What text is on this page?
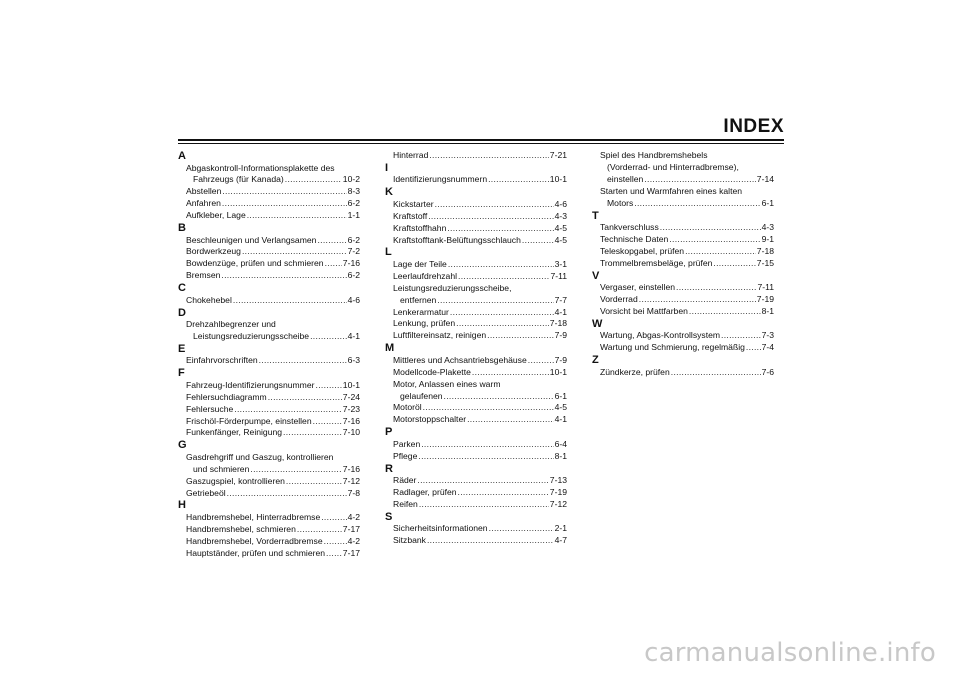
INDEX
A
Abgaskontroll-Informationsplakette des
Fahrzeugs (für Kanada) .....	10-2
Abstellen .....	8-3
Anfahren .....	6-2
Aufkleber, Lage .....	1-1
B
Beschleunigen und Verlangsamen .....	6-2
Bordwerkzeug .....	7-2
Bowdenzüge, prüfen und schmieren ..... 7-16
Bremsen .....	6-2
C
Chokehebel .....	4-6
D
Drehzahlbegrenzer und
Leistungsreduzierungsscheibe .....	4-1
E
Einfahrvorschriften .....	6-3
F
Fahrzeug-Identifizierungsnummer .....	10-1
Fehlersuchdiagramm .....	7-24
Fehlersuche .....	7-23
Frischöl-Förderpumpe, einstellen .....	7-16
Funkenfänger, Reinigung .....	7-10
G
Gasdrehgriff und Gaszug, kontrollieren
und schmieren .....	7-16
Gaszugspiel, kontrollieren .....	7-12
Getriebeöl .....	7-8
H
Handbremshebel, Hinterradbremse .....	4-2
Handbremshebel, schmieren .....	7-17
Handbremshebel, Vorderradbremse .....	4-2
Hauptständer, prüfen und schmieren ..... 7-17
Hinterrad .....	7-21
I
Identifizierungsnummern .....	10-1
K
Kickstarter .....	4-6
Kraftstoff .....	4-3
Kraftstoffhahn .....	4-5
Kraftstofftank-Belüftungsschlauch .....	4-5
L
Lage der Teile .....	3-1
Leerlaufdrehzahl .....	7-11
Leistungsreduzierungsscheibe,
entfernen .....	7-7
Lenkerarmatur .....	4-1
Lenkung, prüfen .....	7-18
Luftfiltereinsatz, reinigen .....	7-9
M
Mittleres und Achsantriebsgehäuse .....	7-9
Modellcode-Plakette .....	10-1
Motor, Anlassen eines warm
gelaufenen .....	6-1
Motoröl .....	4-5
Motorstoppschalter .....	4-1
P
Parken .....	6-4
Pflege .....	8-1
R
Räder .....	7-13
Radlager, prüfen .....	7-19
Reifen .....	7-12
S
Sicherheitsinformationen .....	2-1
Sitzbank .....	4-7
Spiel des Handbremshebels
(Vorderrad- und Hinterradbremse),
einstellen .....	7-14
Starten und Warmfahren eines kalten
Motors .....	6-1
T
Tankverschluss .....	4-3
Technische Daten .....	9-1
Teleskopgabel, prüfen .....	7-18
Trommelbremsbeläge, prüfen .....	7-15
V
Vergaser, einstellen .....	7-11
Vorderrad .....	7-19
Vorsicht bei Mattfarben .....	8-1
W
Wartung, Abgas-Kontrollsystem .....	7-3
Wartung und Schmierung, regelmäßig ..... 7-4
Z
Zündkerze, prüfen .....	7-6
carmanualsonline.info
